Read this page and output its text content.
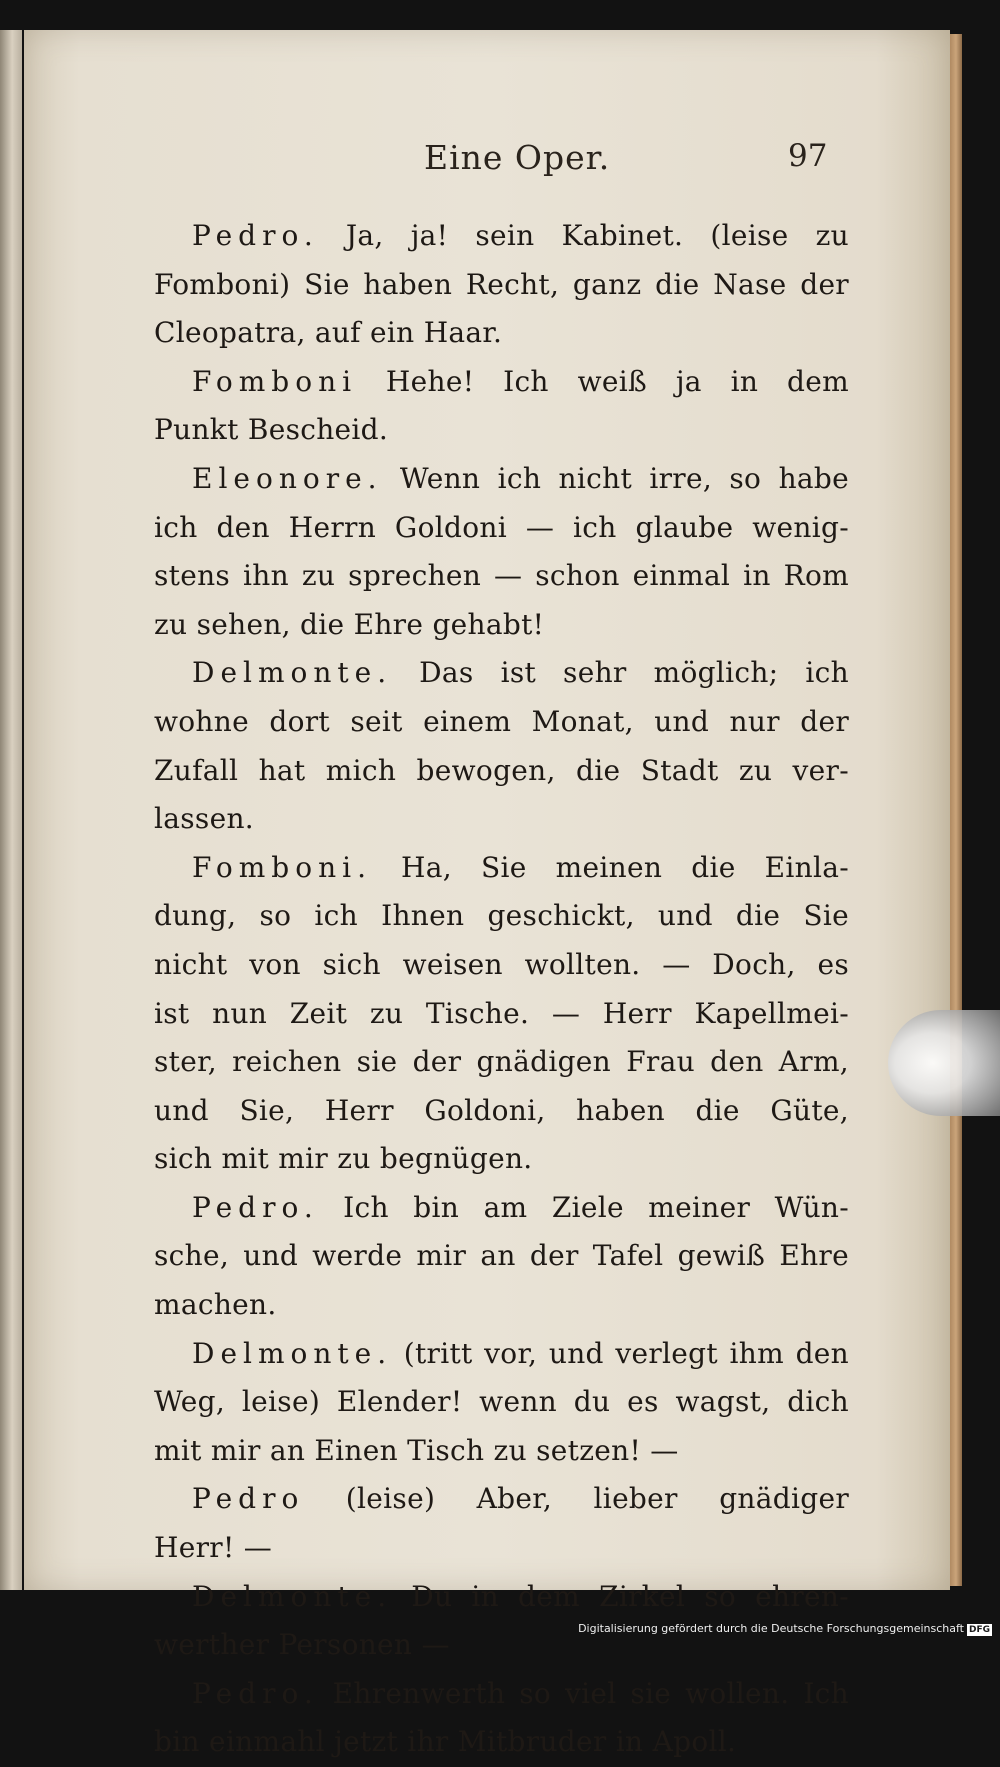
Eine Oper.	97
Pedro. Ja, ja! sein Kabinet. (leise zu
Fomboni) Sie haben Recht, ganz die Nase der
Cleopatra, auf ein Haar.
Fomboni Hehe! Ich weiß ja in dem
Punkt Bescheid.
Eleonore. Wenn ich nicht irre, so habe
ich den Herrn Goldoni — ich glaube wenig-
stens ihn zu sprechen — schon einmal in Rom
zu sehen, die Ehre gehabt!
Delmonte. Das ist sehr möglich; ich
wohne dort seit einem Monat, und nur der
Zufall hat mich bewogen, die Stadt zu ver-
lassen.
Fomboni. Ha, Sie meinen die Einla-
dung, so ich Ihnen geschickt, und die Sie
nicht von sich weisen wollten. — Doch, es
ist nun Zeit zu Tische. — Herr Kapellmei-
ster, reichen sie der gnädigen Frau den Arm,
und Sie, Herr Goldoni, haben die Güte,
sich mit mir zu begnügen.
Pedro. Ich bin am Ziele meiner Wün-
sche, und werde mir an der Tafel gewiß Ehre
machen.
Delmonte. (tritt vor, und verlegt ihm den
Weg, leise) Elender! wenn du es wagst, dich
mit mir an Einen Tisch zu setzen! —
Pedro (leise) Aber, lieber gnädiger
Herr! —
Delmonte. Du in dem Zirkel so ehren-
werther Personen —
Pedro. Ehrenwerth so viel sie wollen. Ich
bin einmahl jetzt ihr Mitbruder in Apoll.
Digitalisierung gefördert durch die Deutsche Forschungsgemeinschaft DFG
